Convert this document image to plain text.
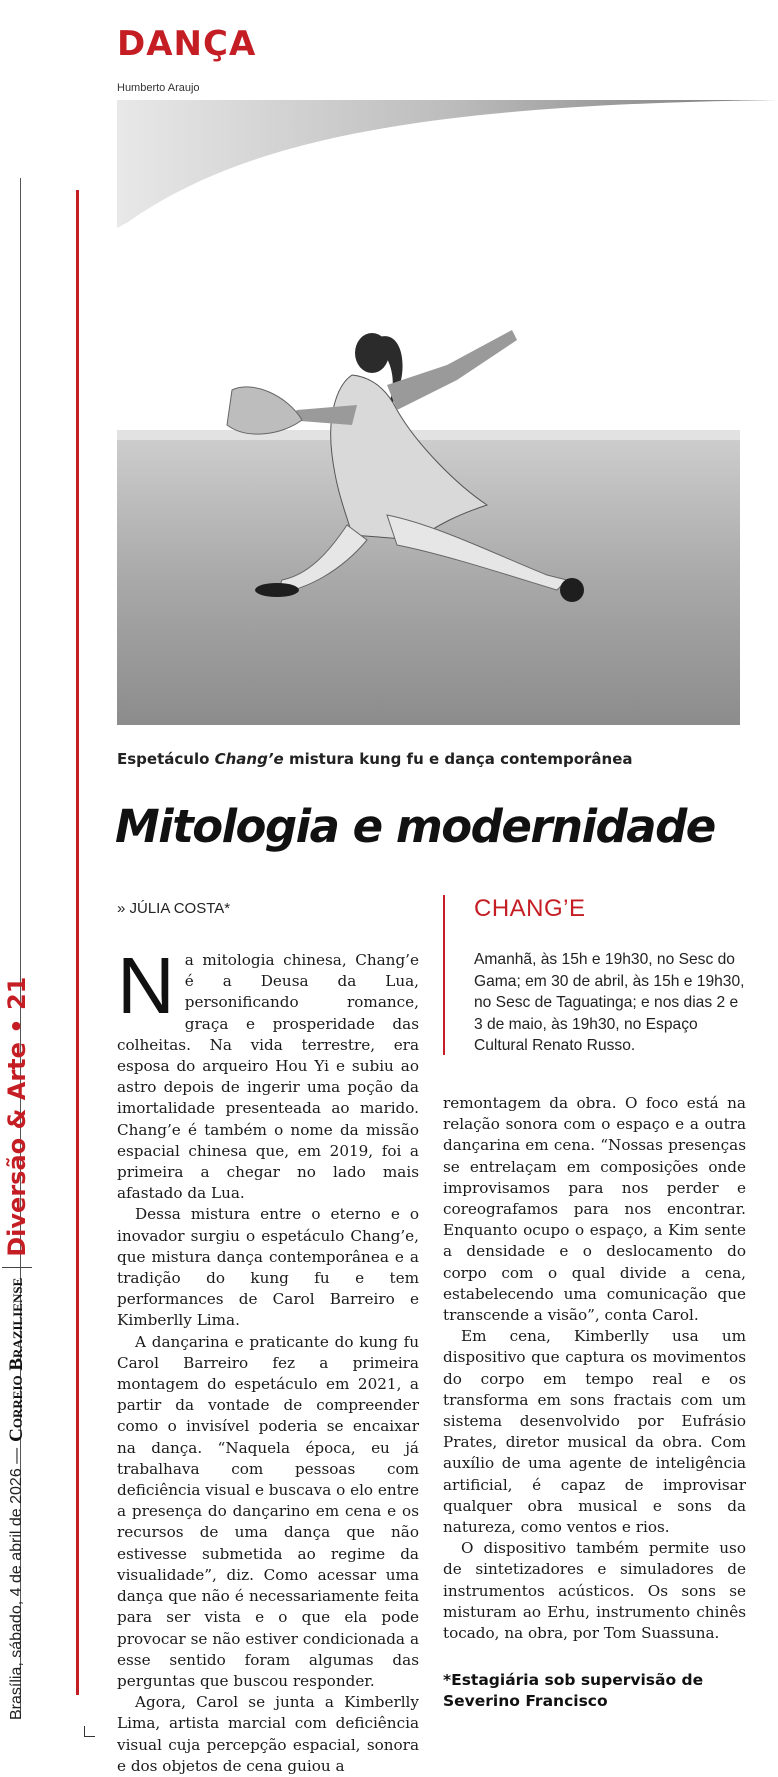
DANÇA
Humberto Araujo
Espetáculo Chang’e mistura kung fu e dança contemporânea
Mitologia e modernidade
» JÚLIA COSTA*
Brasília, sábado, 4 de abril de 2026 —
Correio Braziliense
Diversão & Arte • 21
CHANG’E
Amanhã, às 15h e 19h30, no Sesc do Gama; em 30 de abril, às 15h e 19h30, no Sesc de Taguatinga; e nos dias 2 e 3 de maio, às 19h30, no Espaço Cultural Renato Russo.
N a mitologia chinesa, Chang’e é a Deusa da Lua, personificando romance, graça e prosperidade das colheitas. Na vida terrestre, era esposa do arqueiro Hou Yi e subiu ao astro depois de ingerir uma poção da imortalidade presenteada ao marido. Chang’e é também o nome da missão espacial chinesa que, em 2019, foi a primeira a chegar no lado mais afastado da Lua.

Dessa mistura entre o eterno e o inovador surgiu o espetáculo Chang’e, que mistura dança contemporânea e a tradição do kung fu e tem performances de Carol Barreiro e Kimberlly Lima.

A dançarina e praticante do kung fu Carol Barreiro fez a primeira montagem do espetáculo em 2021, a partir da vontade de compreender como o invisível poderia se encaixar na dança. “Naquela época, eu já trabalhava com pessoas com deficiência visual e buscava o elo entre a presença do dançarino em cena e os recursos de uma dança que não estivesse submetida ao regime da visualidade”, diz. Como acessar uma dança que não é necessariamente feita para ser vista e o que ela pode provocar se não estiver condicionada a esse sentido foram algumas das perguntas que buscou responder.

Agora, Carol se junta a Kimberlly Lima, artista marcial com deficiência visual cuja percepção espacial, sonora e dos objetos de cena guiou a

remontagem da obra. O foco está na relação sonora com o espaço e a outra dançarina em cena. “Nossas presenças se entrelaçam em composições onde improvisamos para nos perder e coreografamos para nos encontrar. Enquanto ocupo o espaço, a Kim sente a densidade e o deslocamento do corpo com o qual divide a cena, estabelecendo uma comunicação que transcende a visão”, conta Carol.

Em cena, Kimberlly usa um dispositivo que captura os movimentos do corpo em tempo real e os transforma em sons fractais com um sistema desenvolvido por Eufrásio Prates, diretor musical da obra. Com auxílio de uma agente de inteligência artificial, é capaz de improvisar qualquer obra musical e sons da natureza, como ventos e rios.

O dispositivo também permite uso de sintetizadores e simuladores de instrumentos acústicos. Os sons se misturam ao Erhu, instrumento chinês tocado, na obra, por Tom Suassuna.

*Estagiária sob supervisão de Severino Francisco
